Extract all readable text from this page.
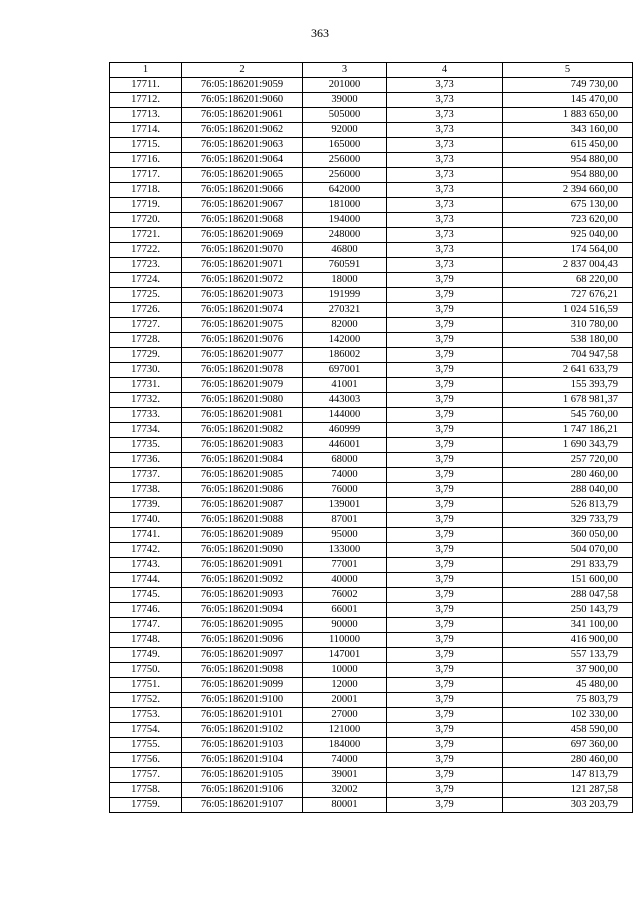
363
1	2	3	4	5
17711.	76:05:186201:9059	201000	3,73	749 730,00
17712.	76:05:186201:9060	39000	3,73	145 470,00
17713.	76:05:186201:9061	505000	3,73	1 883 650,00
17714.	76:05:186201:9062	92000	3,73	343 160,00
17715.	76:05:186201:9063	165000	3,73	615 450,00
17716.	76:05:186201:9064	256000	3,73	954 880,00
17717.	76:05:186201:9065	256000	3,73	954 880,00
17718.	76:05:186201:9066	642000	3,73	2 394 660,00
17719.	76:05:186201:9067	181000	3,73	675 130,00
17720.	76:05:186201:9068	194000	3,73	723 620,00
17721.	76:05:186201:9069	248000	3,73	925 040,00
17722.	76:05:186201:9070	46800	3,73	174 564,00
17723.	76:05:186201:9071	760591	3,73	2 837 004,43
17724.	76:05:186201:9072	18000	3,79	68 220,00
17725.	76:05:186201:9073	191999	3,79	727 676,21
17726.	76:05:186201:9074	270321	3,79	1 024 516,59
17727.	76:05:186201:9075	82000	3,79	310 780,00
17728.	76:05:186201:9076	142000	3,79	538 180,00
17729.	76:05:186201:9077	186002	3,79	704 947,58
17730.	76:05:186201:9078	697001	3,79	2 641 633,79
17731.	76:05:186201:9079	41001	3,79	155 393,79
17732.	76:05:186201:9080	443003	3,79	1 678 981,37
17733.	76:05:186201:9081	144000	3,79	545 760,00
17734.	76:05:186201:9082	460999	3,79	1 747 186,21
17735.	76:05:186201:9083	446001	3,79	1 690 343,79
17736.	76:05:186201:9084	68000	3,79	257 720,00
17737.	76:05:186201:9085	74000	3,79	280 460,00
17738.	76:05:186201:9086	76000	3,79	288 040,00
17739.	76:05:186201:9087	139001	3,79	526 813,79
17740.	76:05:186201:9088	87001	3,79	329 733,79
17741.	76:05:186201:9089	95000	3,79	360 050,00
17742.	76:05:186201:9090	133000	3,79	504 070,00
17743.	76:05:186201:9091	77001	3,79	291 833,79
17744.	76:05:186201:9092	40000	3,79	151 600,00
17745.	76:05:186201:9093	76002	3,79	288 047,58
17746.	76:05:186201:9094	66001	3,79	250 143,79
17747.	76:05:186201:9095	90000	3,79	341 100,00
17748.	76:05:186201:9096	110000	3,79	416 900,00
17749.	76:05:186201:9097	147001	3,79	557 133,79
17750.	76:05:186201:9098	10000	3,79	37 900,00
17751.	76:05:186201:9099	12000	3,79	45 480,00
17752.	76:05:186201:9100	20001	3,79	75 803,79
17753.	76:05:186201:9101	27000	3,79	102 330,00
17754.	76:05:186201:9102	121000	3,79	458 590,00
17755.	76:05:186201:9103	184000	3,79	697 360,00
17756.	76:05:186201:9104	74000	3,79	280 460,00
17757.	76:05:186201:9105	39001	3,79	147 813,79
17758.	76:05:186201:9106	32002	3,79	121 287,58
17759.	76:05:186201:9107	80001	3,79	303 203,79
